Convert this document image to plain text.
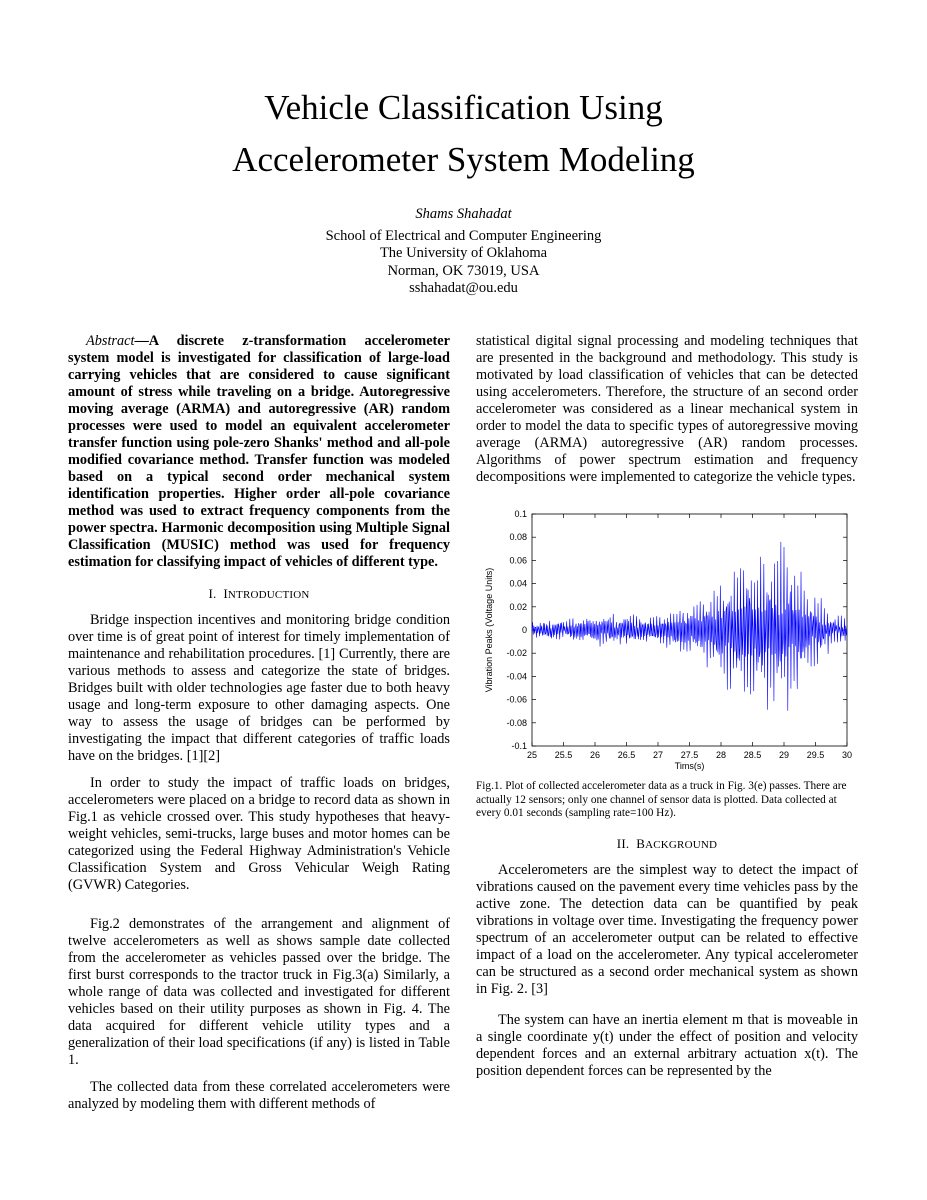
Vehicle Classification Using
Accelerometer System Modeling
Shams Shahadat
School of Electrical and Computer Engineering
The University of Oklahoma
Norman, OK 73019, USA
sshahadat@ou.edu

Abstract—A discrete z-transformation accelerometer system model is investigated for classification of large-load carrying vehicles that are considered to cause significant amount of stress while traveling on a bridge. Autoregressive moving average (ARMA) and autoregressive (AR) random processes were used to model an equivalent accelerometer transfer function using pole-zero Shanks' method and all-pole modified covariance method. Transfer function was modeled based on a typical second order mechanical system identification properties. Higher order all-pole covariance method was used to extract frequency components from the power spectra. Harmonic decomposition using Multiple Signal Classification (MUSIC) method was used for frequency estimation for classifying impact of vehicles of different type.

I. INTRODUCTION

Bridge inspection incentives and monitoring bridge condition over time is of great point of interest for timely implementation of maintenance and rehabilitation procedures. [1] Currently, there are various methods to assess and categorize the state of bridges. Bridges built with older technologies age faster due to both heavy usage and long-term exposure to other damaging aspects. One way to assess the usage of bridges can be performed by investigating the impact that different categories of traffic loads have on the bridges. [1][2]

In order to study the impact of traffic loads on bridges, accelerometers were placed on a bridge to record data as shown in Fig.1 as vehicle crossed over. This study hypotheses that heavy-weight vehicles, semi-trucks, large buses and motor homes can be categorized using the Federal Highway Administration's Vehicle Classification System and Gross Vehicular Weigh Rating (GVWR) Categories.

Fig.2 demonstrates of the arrangement and alignment of twelve accelerometers as well as shows sample date collected from the accelerometer as vehicles passed over the bridge. The first burst corresponds to the tractor truck in Fig.3(a) Similarly, a whole range of data was collected and investigated for different vehicles based on their utility purposes as shown in Fig. 4. The data acquired for different vehicle utility types and a generalization of their load specifications (if any) is listed in Table 1.

The collected data from these correlated accelerometers were analyzed by modeling them with different methods of

statistical digital signal processing and modeling techniques that are presented in the background and methodology. This study is motivated by load classification of vehicles that can be detected using accelerometers. Therefore, the structure of an second order accelerometer was considered as a linear mechanical system in order to model the data to specific types of autoregressive moving average (ARMA) autoregressive (AR) random processes. Algorithms of power spectrum estimation and frequency decompositions were implemented to categorize the vehicle types.

0.1
0.08
0.06
0.04
0.02
0
-0.02
-0.04
-0.06
-0.08
-0.1
25 25.5 26 26.5 27 27.5 28 28.5 29 29.5 30
Tims(s)
Vibration Peaks (Voltage Units)

Fig.1. Plot of collected accelerometer data as a truck in Fig. 3(e) passes. There are actually 12 sensors; only one channel of sensor data is plotted. Data collected at every 0.01 seconds (sampling rate=100 Hz).

II. BACKGROUND

Accelerometers are the simplest way to detect the impact of vibrations caused on the pavement every time vehicles pass by the active zone. The detection data can be quantified by peak vibrations in voltage over time. Investigating the frequency power spectrum of an accelerometer output can be related to effective impact of a load on the accelerometer. Any typical accelerometer can be structured as a second order mechanical system as shown in Fig. 2. [3]

The system can have an inertia element m that is moveable in a single coordinate y(t) under the effect of position and velocity dependent forces and an external arbitrary actuation x(t). The position dependent forces can be represented by the
